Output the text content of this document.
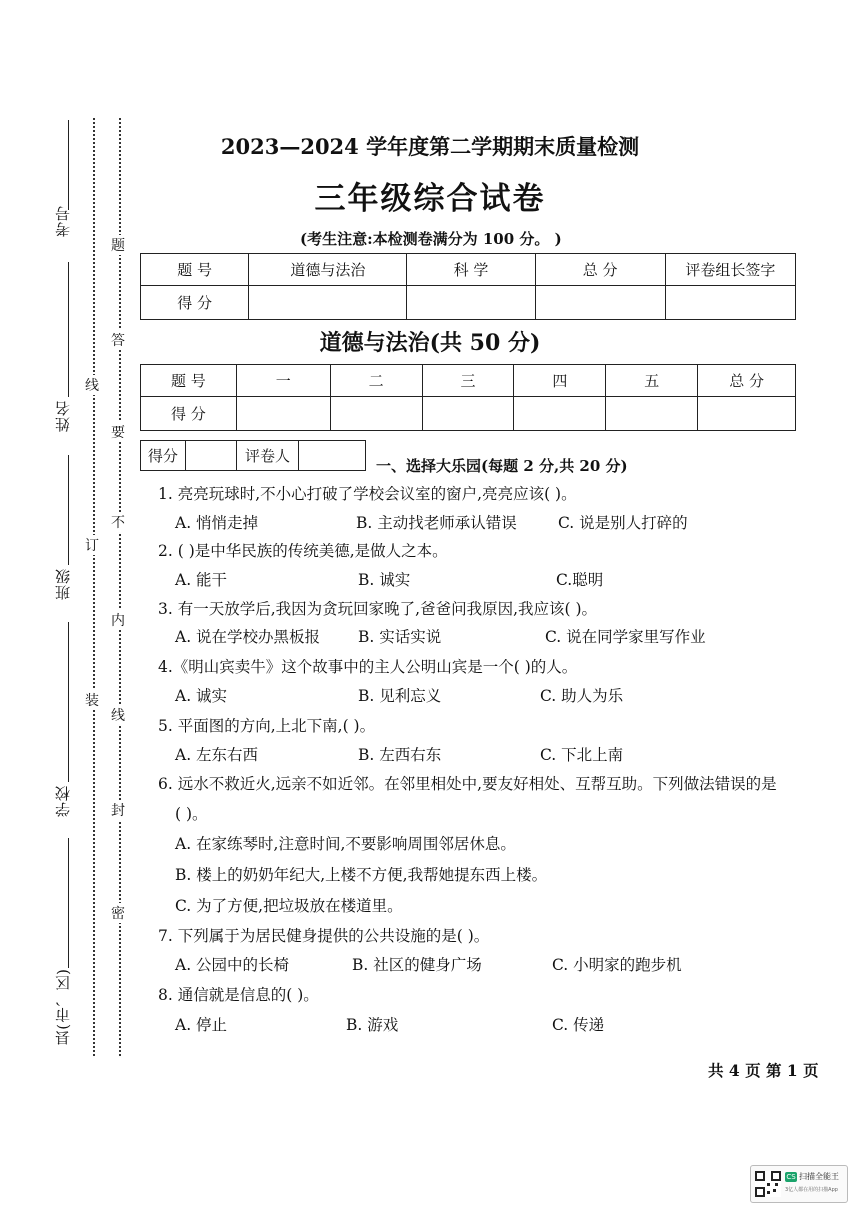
考号
姓名
班级
学校
县(市、区)
线
订
装
题
答
要
不
内
线
封
密
2023—2024 学年度第二学期期末质量检测
三年级综合试卷
(考生注意:本检测卷满分为 100 分。 )
题 号	道德与法治	科 学	总 分	评卷组长签字
得 分				
道德与法治(共 50 分)
题 号	一	二	三	四	五	总 分
得 分						
得分		评卷人	
一、选择大乐园(每题 2 分,共 20 分)
1. 亮亮玩球时,不小心打破了学校会议室的窗户,亮亮应该( )。
A. 悄悄走掉	B. 主动找老师承认错误	C. 说是别人打碎的
2. ( )是中华民族的传统美德,是做人之本。
A. 能干	B. 诚实	C.聪明
3. 有一天放学后,我因为贪玩回家晚了,爸爸问我原因,我应该( )。
A. 说在学校办黑板报 B. 实话实说	C. 说在同学家里写作业
4.《明山宾卖牛》这个故事中的主人公明山宾是一个( )的人。
A. 诚实	B. 见利忘义	C. 助人为乐
5. 平面图的方向,上北下南,( )。
A. 左东右西	B. 左西右东	C. 下北上南
6. 远水不救近火,远亲不如近邻。在邻里相处中,要友好相处、互帮互助。下列做法错误的是
( )。
A. 在家练琴时,注意时间,不要影响周围邻居休息。
B. 楼上的奶奶年纪大,上楼不方便,我帮她提东西上楼。
C. 为了方便,把垃圾放在楼道里。
7. 下列属于为居民健身提供的公共设施的是( )。
A. 公园中的长椅	B. 社区的健身广场	C. 小明家的跑步机
8. 通信就是信息的( )。
A. 停止	B. 游戏	C. 传递
共 4 页 第 1 页
CS 扫描全能王
3亿人都在用的扫描App
